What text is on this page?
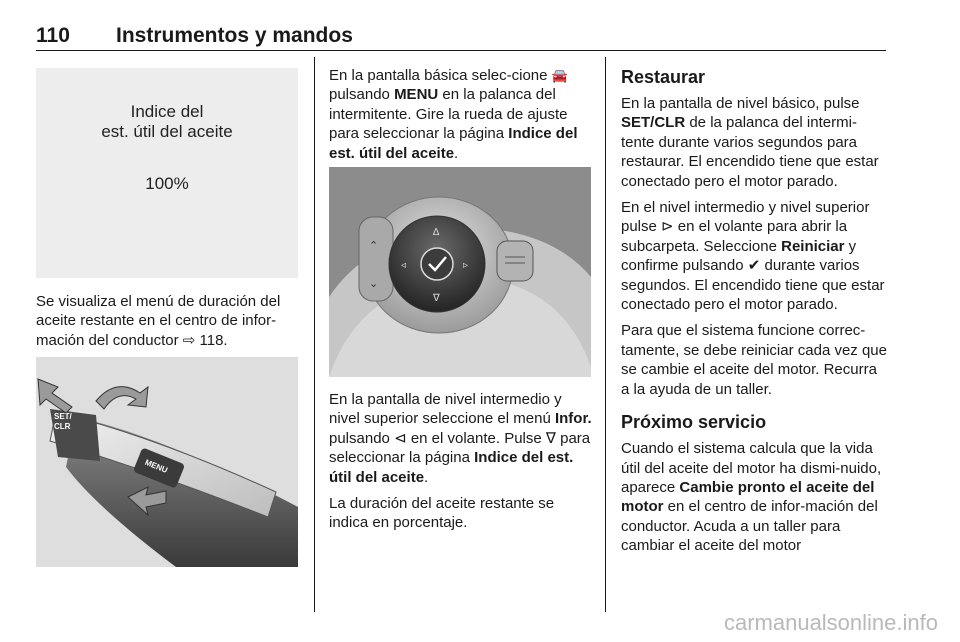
110 Instrumentos y mandos
Indice del
est. útil del aceite
100%

Se visualiza el menú de duración del aceite restante en el centro de infor-mación del conductor ⇨ 118.

SET/
CLR
MENU

En la pantalla básica selec-cione 🚘 pulsando MENU en la palanca del intermitente. Gire la rueda de ajuste para seleccionar la página Indice del est. útil del aceite.

⌃
⌄
∆
∇
◃	▹

En la pantalla de nivel intermedio y nivel superior seleccione el menú Infor. pulsando ⊲ en el volante. Pulse ∇ para seleccionar la página Indice del est. útil del aceite.

La duración del aceite restante se indica en porcentaje.

Restaurar

En la pantalla de nivel básico, pulse SET/CLR de la palanca del intermi-tente durante varios segundos para restaurar. El encendido tiene que estar conectado pero el motor parado.

En el nivel intermedio y nivel superior pulse ⊳ en el volante para abrir la subcarpeta. Seleccione Reiniciar y confirme pulsando ✔ durante varios segundos. El encendido tiene que estar conectado pero el motor parado.

Para que el sistema funcione correc-tamente, se debe reiniciar cada vez que se cambie el aceite del motor. Recurra a la ayuda de un taller.

Próximo servicio

Cuando el sistema calcula que la vida útil del aceite del motor ha dismi-nuido, aparece Cambie pronto el aceite del motor en el centro de infor-mación del conductor. Acuda a un taller para cambiar el aceite del motor

carmanualsonline.info
